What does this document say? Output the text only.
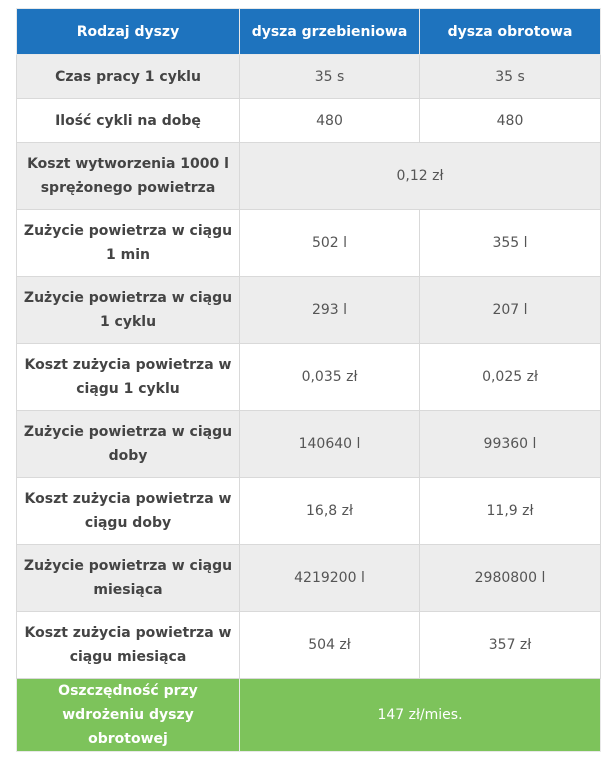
Rodzaj dyszy	dysza grzebieniowa	dysza obrotowa
Czas pracy 1 cyklu	35 s	35 s
Ilość cykli na dobę	480	480
Koszt wytworzenia 1000 l sprężonego powietrza	0,12 zł	
Zużycie powietrza w ciągu 1 min	502 l	355 l
Zużycie powietrza w ciągu 1 cyklu	293 l	207 l
Koszt zużycia powietrza w ciągu 1 cyklu	0,035 zł	0,025 zł
Zużycie powietrza w ciągu doby	140640 l	99360 l
Koszt zużycia powietrza w ciągu doby	16,8 zł	11,9 zł
Zużycie powietrza w ciągu miesiąca	4219200 l	2980800 l
Koszt zużycia powietrza w ciągu miesiąca	504 zł	357 zł
Oszczędność przy wdrożeniu dyszy obrotowej	147 zł/mies.	
